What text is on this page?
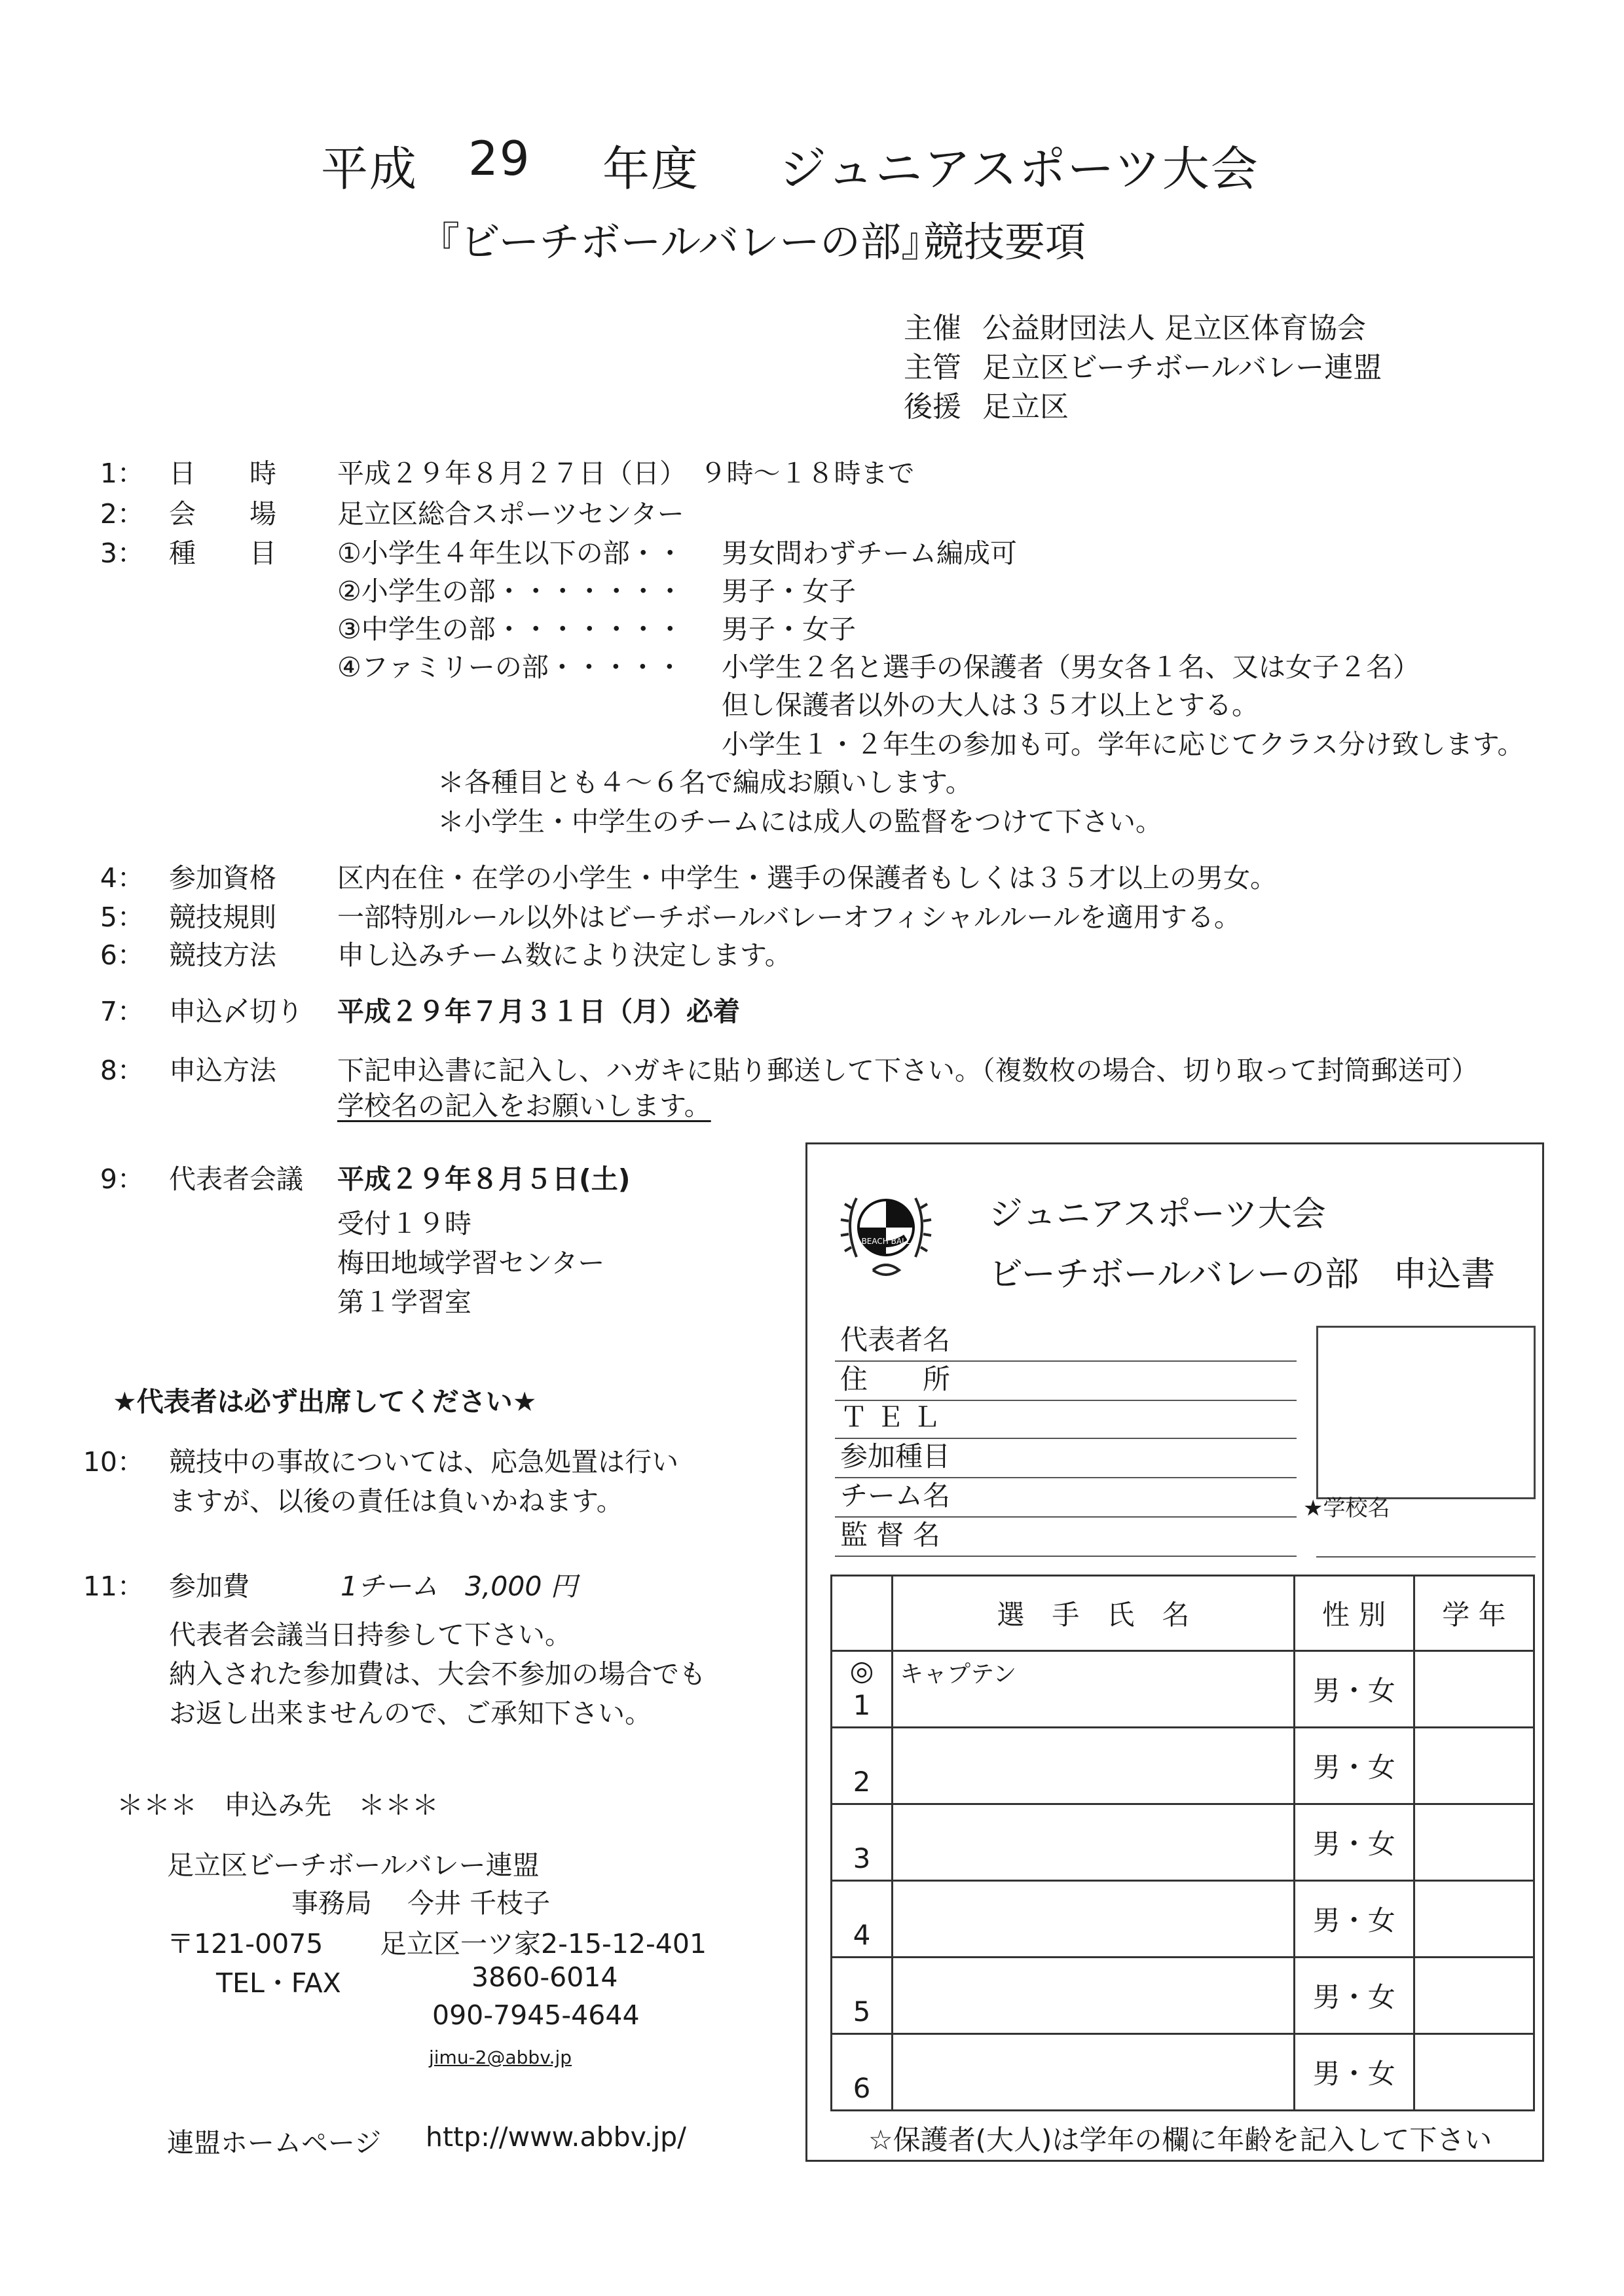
平成 29 年度 ジュニアスポーツ大会
『ビーチボールバレーの部』
競技要項
主催 公益財団法人 足立区体育協会
主管 足立区ビーチボールバレー連盟
後援 足立区
1： 日　　時 平成２９年８月２７日（日）　９時～１８時まで
2： 会　　場 足立区総合スポーツセンター
3： 種　　目 ①小学生４年生以下の部・・ 男女問わずチーム編成可
②小学生の部・・・・・・・ 男子・女子
③中学生の部・・・・・・・ 男子・女子
④ファミリーの部・・・・・ 小学生２名と選手の保護者（男女各１名、又は女子２名）
但し保護者以外の大人は３５才以上とする。
小学生１・２年生の参加も可。学年に応じてクラス分け致します。
＊各種目とも４～６名で編成お願いします。
＊小学生・中学生のチームには成人の監督をつけて下さい。
4： 参加資格 区内在住・在学の小学生・中学生・選手の保護者もしくは３５才以上の男女。
5： 競技規則 一部特別ルール以外はビーチボールバレーオフィシャルルールを適用する。
6： 競技方法 申し込みチーム数により決定します。
7： 申込〆切り 平成２９年７月３１日（月）必着
8： 申込方法 下記申込書に記入し、ハガキに貼り郵送して下さい。（複数枚の場合、切り取って封筒郵送可）
学校名の記入をお願いします。
9： 代表者会議 平成２９年８月５日(土)
受付１９時
梅田地域学習センター
第１学習室
★代表者は必ず出席してください★
10： 競技中の事故については、応急処置は行い
ますが、以後の責任は負いかねます。
11： 参加費	1チーム　3,000 円
代表者会議当日持参して下さい。
納入された参加費は、大会不参加の場合でも
お返し出来ませんので、ご承知下さい。
＊＊＊　申込み先　＊＊＊
足立区ビーチボールバレー連盟
事務局　 今井 千枝子
〒121-0075 足立区一ツ家2-15-12-401
TEL・FAX	3860-6014
090-7945-4644
jimu-2@abbv.jp
連盟ホームページ http://www.abbv.jp/
BEACH BALL
ジュニアスポーツ大会
ビーチボールバレーの部　申込書
代表者名
住　　所
Ｔ Ｅ Ｌ
参加種目
チーム名
監 督 名
★学校名
	選　手　氏　名	性 別	学 年

◎
1	キャプテン	男・女	

2		男・女	

3		男・女	

4		男・女	

5		男・女	

6		男・女	
☆保護者(大人)は学年の欄に年齢を記入して下さい
